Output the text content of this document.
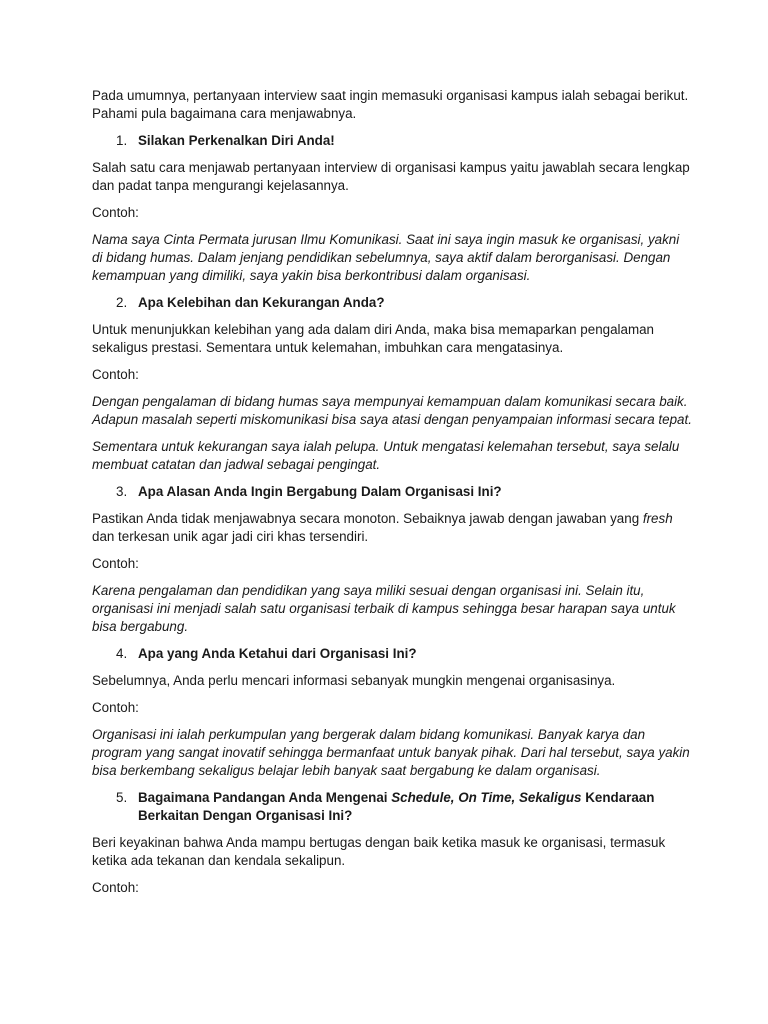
Pada umumnya, pertanyaan interview saat ingin memasuki organisasi kampus ialah sebagai berikut. Pahami pula bagaimana cara menjawabnya.

1. Silakan Perkenalkan Diri Anda!

Salah satu cara menjawab pertanyaan interview di organisasi kampus yaitu jawablah secara lengkap dan padat tanpa mengurangi kejelasannya.

Contoh:

Nama saya Cinta Permata jurusan Ilmu Komunikasi. Saat ini saya ingin masuk ke organisasi, yakni di bidang humas. Dalam jenjang pendidikan sebelumnya, saya aktif dalam berorganisasi. Dengan kemampuan yang dimiliki, saya yakin bisa berkontribusi dalam organisasi.

2. Apa Kelebihan dan Kekurangan Anda?

Untuk menunjukkan kelebihan yang ada dalam diri Anda, maka bisa memaparkan pengalaman sekaligus prestasi. Sementara untuk kelemahan, imbuhkan cara mengatasinya.

Contoh:

Dengan pengalaman di bidang humas saya mempunyai kemampuan dalam komunikasi secara baik. Adapun masalah seperti miskomunikasi bisa saya atasi dengan penyampaian informasi secara tepat.

Sementara untuk kekurangan saya ialah pelupa. Untuk mengatasi kelemahan tersebut, saya selalu membuat catatan dan jadwal sebagai pengingat.

3. Apa Alasan Anda Ingin Bergabung Dalam Organisasi Ini?

Pastikan Anda tidak menjawabnya secara monoton. Sebaiknya jawab dengan jawaban yang fresh dan terkesan unik agar jadi ciri khas tersendiri.

Contoh:

Karena pengalaman dan pendidikan yang saya miliki sesuai dengan organisasi ini. Selain itu, organisasi ini menjadi salah satu organisasi terbaik di kampus sehingga besar harapan saya untuk bisa bergabung.

4. Apa yang Anda Ketahui dari Organisasi Ini?

Sebelumnya, Anda perlu mencari informasi sebanyak mungkin mengenai organisasinya.

Contoh:

Organisasi ini ialah perkumpulan yang bergerak dalam bidang komunikasi. Banyak karya dan program yang sangat inovatif sehingga bermanfaat untuk banyak pihak. Dari hal tersebut, saya yakin bisa berkembang sekaligus belajar lebih banyak saat bergabung ke dalam organisasi.

5. Bagaimana Pandangan Anda Mengenai Schedule, On Time, Sekaligus Kendaraan Berkaitan Dengan Organisasi Ini?

Beri keyakinan bahwa Anda mampu bertugas dengan baik ketika masuk ke organisasi, termasuk ketika ada tekanan dan kendala sekalipun.

Contoh:
